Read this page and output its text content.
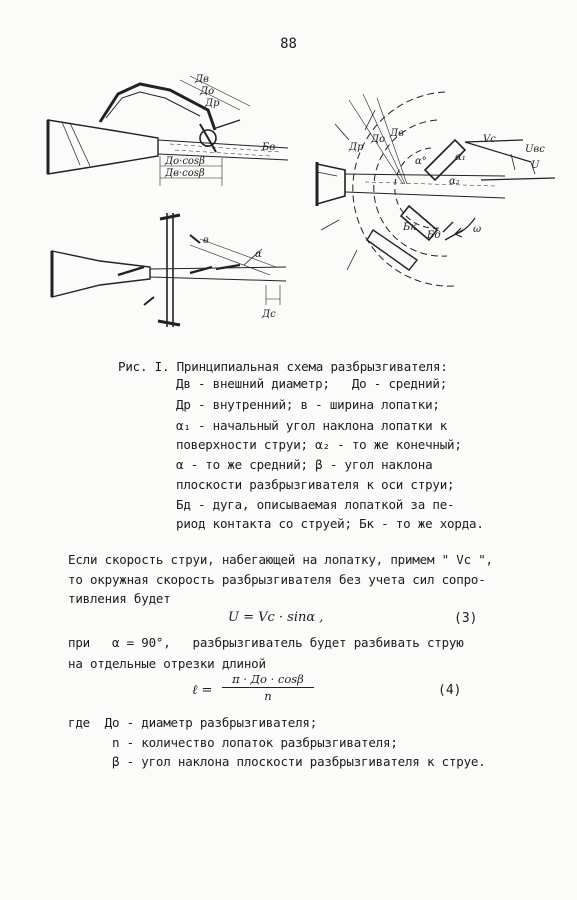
88
Дв
До
Др
До·cosβ
Дв·cosβ
Бв
в
α
Дс
Др
До
Дв
α°	α₁
α₂
Vс
Uвс
U
Бк
Бд
ω
Рис. I. Принципиальная схема разбрызгивателя:
Дв - внешний диаметр;   До - средний;
Др - внутренний; в - ширина лопатки;
α₁ - начальный угол наклона лопатки к
поверхности струи; α₂ - то же конечный;
α - то же средний; β - угол наклона
плоскости разбрызгивателя к оси струи;
Бд - дуга, описываемая лопаткой за пе-
риод контакта со струей; Бк - то же хорда.
Если скорость струи, набегающей на лопатку, примем " Vc ",
то окружная скорость разбрызгивателя без учета сил сопро-
тивления будет
U = Vc · sinα ,	(3)
при   α = 90°,   разбрызгиватель будет разбивать струю
на отдельные отрезки длиной
ℓ =
π · До · cosβ
n	(4)
где  До - диаметр разбрызгивателя;
n - количество лопаток разбрызгивателя;
β - угол наклона плоскости разбрызгивателя к струе.
